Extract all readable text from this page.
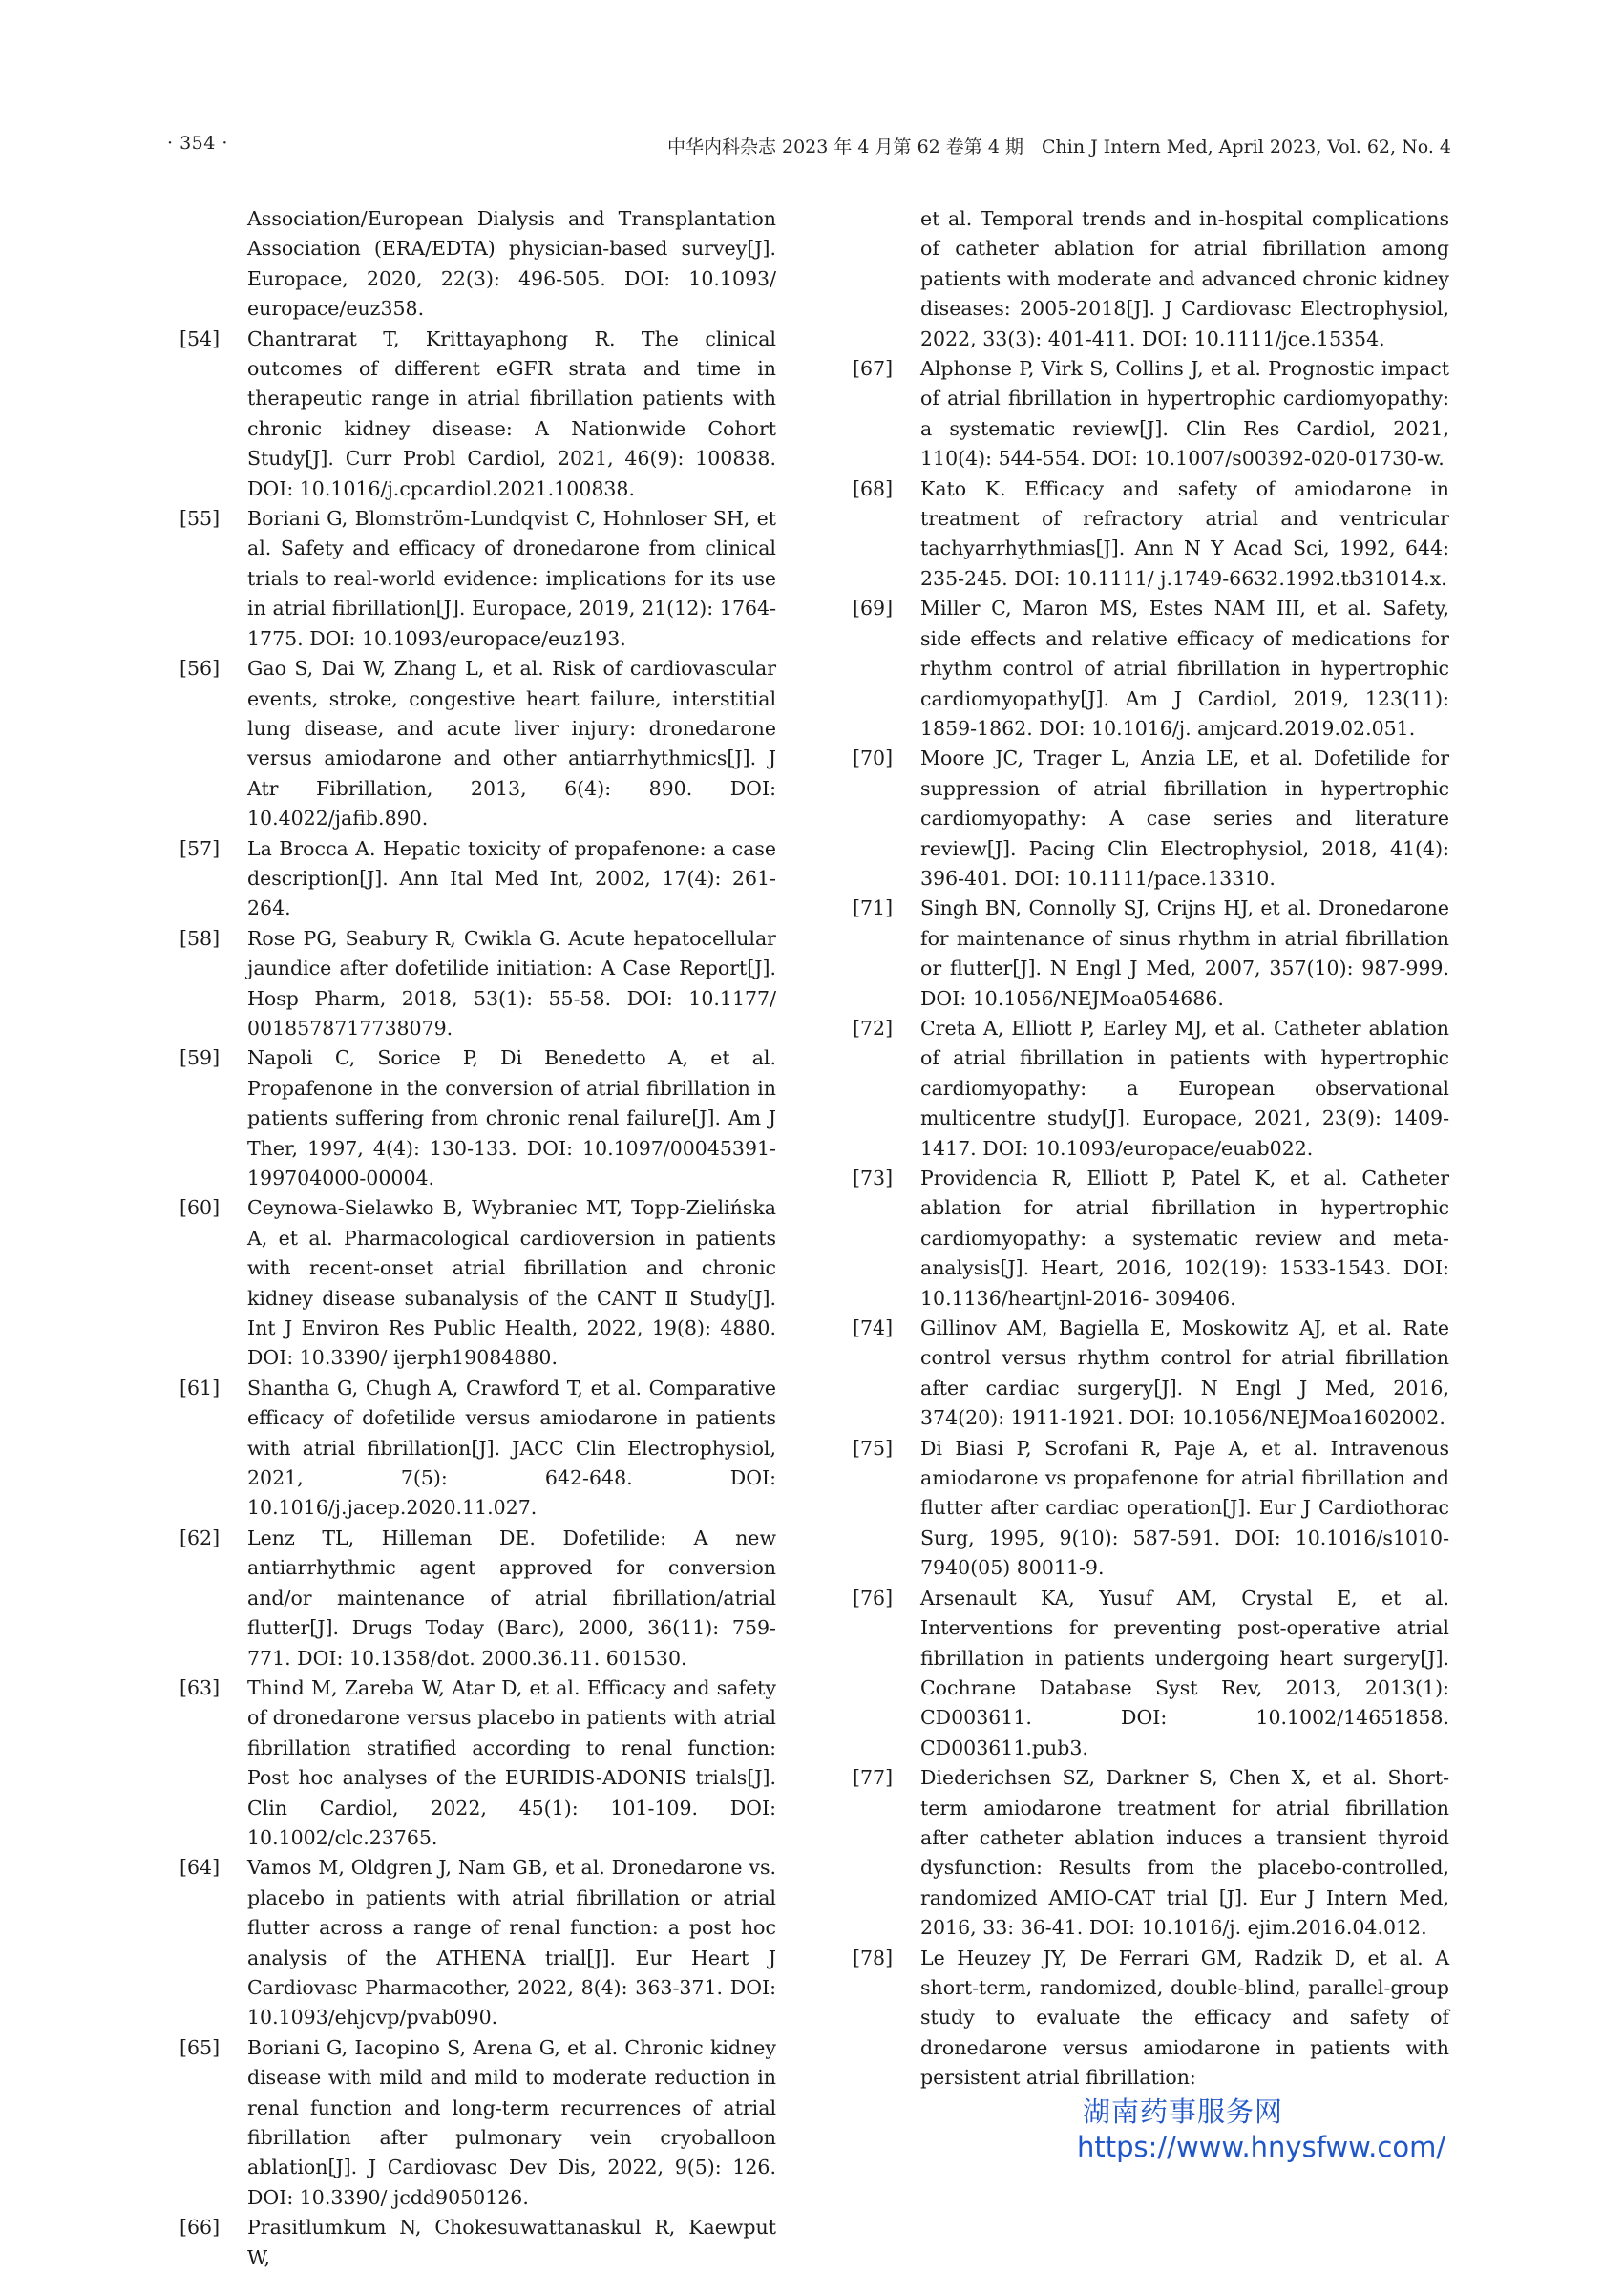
· 354 ·	中华内科杂志 2023 年 4 月第 62 卷第 4 期　Chin J Intern Med, April 2023, Vol. 62, No. 4

Association/European Dialysis and Transplantation Association (ERA/EDTA) physician-based survey[J]. Europace, 2020, 22(3): 496-505. DOI: 10.1093/ europace/euz358.

[54] Chantrarat T, Krittayaphong R. The clinical outcomes of different eGFR strata and time in therapeutic range in atrial fibrillation patients with chronic kidney disease: A Nationwide Cohort Study[J]. Curr Probl Cardiol, 2021, 46(9): 100838. DOI: 10.1016/j.cpcardiol.2021.100838.

[55] Boriani G, Blomström-Lundqvist C, Hohnloser SH, et al. Safety and efficacy of dronedarone from clinical trials to real-world evidence: implications for its use in atrial fibrillation[J]. Europace, 2019, 21(12): 1764-1775. DOI: 10.1093/europace/euz193.

[56] Gao S, Dai W, Zhang L, et al. Risk of cardiovascular events, stroke, congestive heart failure, interstitial lung disease, and acute liver injury: dronedarone versus amiodarone and other antiarrhythmics[J]. J Atr Fibrillation, 2013, 6(4): 890. DOI: 10.4022/jafib.890.

[57] La Brocca A. Hepatic toxicity of propafenone: a case description[J]. Ann Ital Med Int, 2002, 17(4): 261-264.

[58] Rose PG, Seabury R, Cwikla G. Acute hepatocellular jaundice after dofetilide initiation: A Case Report[J]. Hosp Pharm, 2018, 53(1): 55-58. DOI: 10.1177/ 0018578717738079.

[59] Napoli C, Sorice P, Di Benedetto A, et al. Propafenone in the conversion of atrial fibrillation in patients suffering from chronic renal failure[J]. Am J Ther, 1997, 4(4): 130-133. DOI: 10.1097/00045391-199704000-00004.

[60] Ceynowa-Sielawko B, Wybraniec MT, Topp-Zielińska A, et al. Pharmacological cardioversion in patients with recent-onset atrial fibrillation and chronic kidney disease subanalysis of the CANT Ⅱ Study[J]. Int J Environ Res Public Health, 2022, 19(8): 4880. DOI: 10.3390/ ijerph19084880.

[61] Shantha G, Chugh A, Crawford T, et al. Comparative efficacy of dofetilide versus amiodarone in patients with atrial fibrillation[J]. JACC Clin Electrophysiol, 2021, 7(5): 642-648. DOI: 10.1016/j.jacep.2020.11.027.

[62] Lenz TL, Hilleman DE. Dofetilide: A new antiarrhythmic agent approved for conversion and/or maintenance of atrial fibrillation/atrial flutter[J]. Drugs Today (Barc), 2000, 36(11): 759-771. DOI: 10.1358/dot. 2000.36.11. 601530.

[63] Thind M, Zareba W, Atar D, et al. Efficacy and safety of dronedarone versus placebo in patients with atrial fibrillation stratified according to renal function: Post hoc analyses of the EURIDIS-ADONIS trials[J]. Clin Cardiol, 2022, 45(1): 101-109. DOI: 10.1002/clc.23765.

[64] Vamos M, Oldgren J, Nam GB, et al. Dronedarone vs. placebo in patients with atrial fibrillation or atrial flutter across a range of renal function: a post hoc analysis of the ATHENA trial[J]. Eur Heart J Cardiovasc Pharmacother, 2022, 8(4): 363-371. DOI: 10.1093/ehjcvp/pvab090.

[65] Boriani G, Iacopino S, Arena G, et al. Chronic kidney disease with mild and mild to moderate reduction in renal function and long-term recurrences of atrial fibrillation after pulmonary vein cryoballoon ablation[J]. J Cardiovasc Dev Dis, 2022, 9(5): 126. DOI: 10.3390/ jcdd9050126.

[66] Prasitlumkum N, Chokesuwattanaskul R, Kaewput W,

et al. Temporal trends and in-hospital complications of catheter ablation for atrial fibrillation among patients with moderate and advanced chronic kidney diseases: 2005-2018[J]. J Cardiovasc Electrophysiol, 2022, 33(3): 401-411. DOI: 10.1111/jce.15354.

[67] Alphonse P, Virk S, Collins J, et al. Prognostic impact of atrial fibrillation in hypertrophic cardiomyopathy: a systematic review[J]. Clin Res Cardiol, 2021, 110(4): 544-554. DOI: 10.1007/s00392-020-01730-w.

[68] Kato K. Efficacy and safety of amiodarone in treatment of refractory atrial and ventricular tachyarrhythmias[J]. Ann N Y Acad Sci, 1992, 644: 235-245. DOI: 10.1111/ j.1749-6632.1992.tb31014.x.

[69] Miller C, Maron MS, Estes NAM III, et al. Safety, side effects and relative efficacy of medications for rhythm control of atrial fibrillation in hypertrophic cardiomyopathy[J]. Am J Cardiol, 2019, 123(11): 1859-1862. DOI: 10.1016/j. amjcard.2019.02.051.

[70] Moore JC, Trager L, Anzia LE, et al. Dofetilide for suppression of atrial fibrillation in hypertrophic cardiomyopathy: A case series and literature review[J]. Pacing Clin Electrophysiol, 2018, 41(4): 396-401. DOI: 10.1111/pace.13310.

[71] Singh BN, Connolly SJ, Crijns HJ, et al. Dronedarone for maintenance of sinus rhythm in atrial fibrillation or flutter[J]. N Engl J Med, 2007, 357(10): 987-999. DOI: 10.1056/NEJMoa054686.

[72] Creta A, Elliott P, Earley MJ, et al. Catheter ablation of atrial fibrillation in patients with hypertrophic cardiomyopathy: a European observational multicentre study[J]. Europace, 2021, 23(9): 1409-1417. DOI: 10.1093/europace/euab022.

[73] Providencia R, Elliott P, Patel K, et al. Catheter ablation for atrial fibrillation in hypertrophic cardiomyopathy: a systematic review and meta-analysis[J]. Heart, 2016, 102(19): 1533-1543. DOI: 10.1136/heartjnl-2016- 309406.

[74] Gillinov AM, Bagiella E, Moskowitz AJ, et al. Rate control versus rhythm control for atrial fibrillation after cardiac surgery[J]. N Engl J Med, 2016, 374(20): 1911-1921. DOI: 10.1056/NEJMoa1602002.

[75] Di Biasi P, Scrofani R, Paje A, et al. Intravenous amiodarone vs propafenone for atrial fibrillation and flutter after cardiac operation[J]. Eur J Cardiothorac Surg, 1995, 9(10): 587-591. DOI: 10.1016/s1010-7940(05) 80011-9.

[76] Arsenault KA, Yusuf AM, Crystal E, et al. Interventions for preventing post-operative atrial fibrillation in patients undergoing heart surgery[J]. Cochrane Database Syst Rev, 2013, 2013(1): CD003611. DOI: 10.1002/14651858. CD003611.pub3.

[77] Diederichsen SZ, Darkner S, Chen X, et al. Short-term amiodarone treatment for atrial fibrillation after catheter ablation induces a transient thyroid dysfunction: Results from the placebo-controlled, randomized AMIO-CAT trial [J]. Eur J Intern Med, 2016, 33: 36-41. DOI: 10.1016/j. ejim.2016.04.012.

[78] Le Heuzey JY, De Ferrari GM, Radzik D, et al. A short-term, randomized, double-blind, parallel-group study to evaluate the efficacy and safety of dronedarone versus amiodarone in patients with persistent atrial fibrillation:

湖南药事服务网
https://www.hnysfww.com/
